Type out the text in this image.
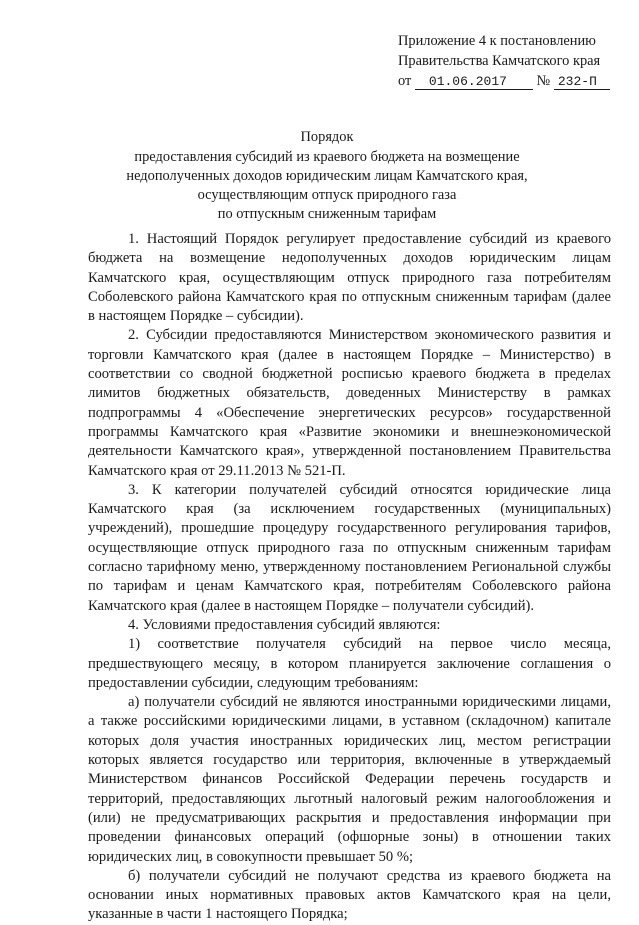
Приложение 4 к постановлению
Правительства Камчатского края
от 01.06.2017 № 232-П
Порядок
предоставления субсидий из краевого бюджета на возмещение
недополученных доходов юридическим лицам Камчатского края,
осуществляющим отпуск природного газа
по отпускным сниженным тарифам

1. Настоящий Порядок регулирует предоставление субсидий из краевого бюджета на возмещение недополученных доходов юридическим лицам Камчатского края, осуществляющим отпуск природного газа потребителям Соболевского района Камчатского края по отпускным сниженным тарифам (далее в настоящем Порядке – субсидии).

2. Субсидии предоставляются Министерством экономического развития и торговли Камчатского края (далее в настоящем Порядке – Министерство) в соответствии со сводной бюджетной росписью краевого бюджета в пределах лимитов бюджетных обязательств, доведенных Министерству в рамках подпрограммы 4 «Обеспечение энергетических ресурсов» государственной программы Камчатского края «Развитие экономики и внешнеэкономической деятельности Камчатского края», утвержденной постановлением Правительства Камчатского края от 29.11.2013 № 521-П.

3. К категории получателей субсидий относятся юридические лица Камчатского края (за исключением государственных (муниципальных) учреждений), прошедшие процедуру государственного регулирования тарифов, осуществляющие отпуск природного газа по отпускным сниженным тарифам согласно тарифному меню, утвержденному постановлением Региональной службы по тарифам и ценам Камчатского края, потребителям Соболевского района Камчатского края (далее в настоящем Порядке – получатели субсидий).

4. Условиями предоставления субсидий являются:

1) соответствие получателя субсидий на первое число месяца, предшествующего месяцу, в котором планируется заключение соглашения о предоставлении субсидии, следующим требованиям:

а) получатели субсидий не являются иностранными юридическими лицами, а также российскими юридическими лицами, в уставном (складочном) капитале которых доля участия иностранных юридических лиц, местом регистрации которых является государство или территория, включенные в утверждаемый Министерством финансов Российской Федерации перечень государств и территорий, предоставляющих льготный налоговый режим налогообложения и (или) не предусматривающих раскрытия и предоставления информации при проведении финансовых операций (офшорные зоны) в отношении таких юридических лиц, в совокупности превышает 50 %;

б) получатели субсидий не получают средства из краевого бюджета на основании иных нормативных правовых актов Камчатского края на цели, указанные в части 1 настоящего Порядка;
